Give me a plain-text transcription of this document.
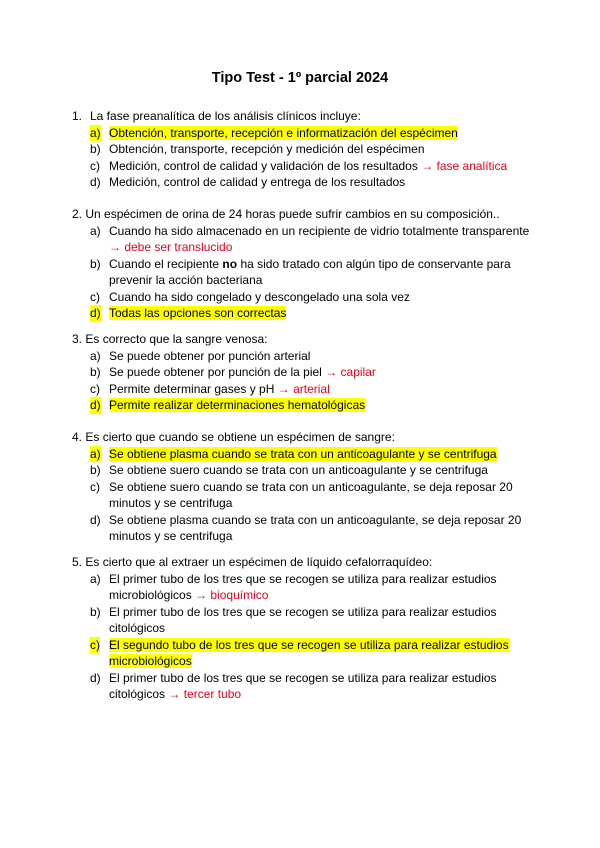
Tipo Test - 1º parcial 2024
1. La fase preanalítica de los análisis clínicos incluye:
a) Obtención, transporte, recepción e informatización del espécimen
b) Obtención, transporte, recepción y medición del espécimen
c) Medición, control de calidad y validación de los resultados → fase analítica
d) Medición, control de calidad y entrega de los resultados
2. Un espécimen de orina de 24 horas puede sufrir cambios en su composición..
a) Cuando ha sido almacenado en un recipiente de vidrio totalmente transparente  → debe ser translucido
b) Cuando el recipiente no ha sido tratado con algún tipo de conservante para prevenir la acción bacteriana
c) Cuando ha sido congelado y descongelado una sola vez
d) Todas las opciones son correctas
3. Es correcto que la sangre venosa:
a) Se puede obtener por punción arterial
b) Se puede obtener por punción de la piel → capilar
c) Permite determinar gases y pH → arterial
d) Permite realizar determinaciones hematológicas
4. Es cierto que cuando se obtiene un espécimen de sangre:
a) Se obtiene plasma cuando se trata con un anticoagulante y se centrifuga
b) Se obtiene suero cuando se trata con un anticoagulante y se centrifuga
c) Se obtiene suero cuando se trata con un anticoagulante, se deja reposar 20 minutos y se centrifuga
d) Se obtiene plasma cuando se trata con un anticoagulante, se deja reposar 20 minutos y se centrifuga
5. Es cierto que al extraer un espécimen de líquido cefalorraquídeo:
a) El primer tubo de los tres que se recogen se utiliza para realizar estudios microbiológicos → bioquímico
b) El primer tubo de los tres que se recogen se utiliza para realizar estudios citológicos
c) El segundo tubo de los tres que se recogen se utiliza para realizar estudios microbiológicos
d) El primer tubo de los tres que se recogen se utiliza para realizar estudios citológicos → tercer tubo
